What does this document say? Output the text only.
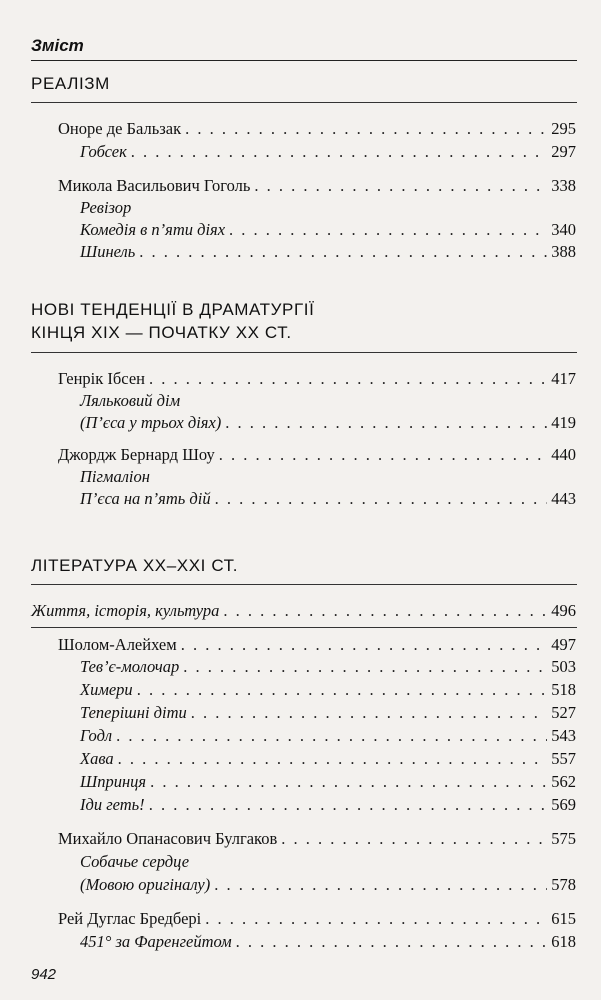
Зміст
РЕАЛІЗМ
Оноре де Бальзак . . .	295
Гобсек . . .	297
Микола Васильович Гоголь . . .	338
Ревізор
Комедія в п’яти діях . . .	340
Шинель . . .	388
НОВІ ТЕНДЕНЦІЇ В ДРАМАТУРГІЇ
КІНЦЯ XIX — ПОЧАТКУ XX СТ.
Генрік Ібсен . . .	417
Ляльковий дім
(П’єса у трьох діях) . . .	419
Джордж Бернард Шоу . . .	440
Пігмаліон
П’єса на п’ять дій . . .	443
ЛІТЕРАТУРА XX–XXI СТ.
Життя, історія, культура . . .	496
Шолом-Алейхем . . .	497
Тев’є-молочар . . .	503
Химери . . .	518
Теперішні діти . . .	527
Годл . . .	543
Хава . . .	557
Шпринця . . .	562
Іди геть! . . .	569
Михайло Опанасович Булгаков . . .	575
Собачье сердце
(Мовою оригіналу) . . .	578
Рей Дуглас Бредбері . . .	615
451° за Фаренгейтом . . .	618
942
